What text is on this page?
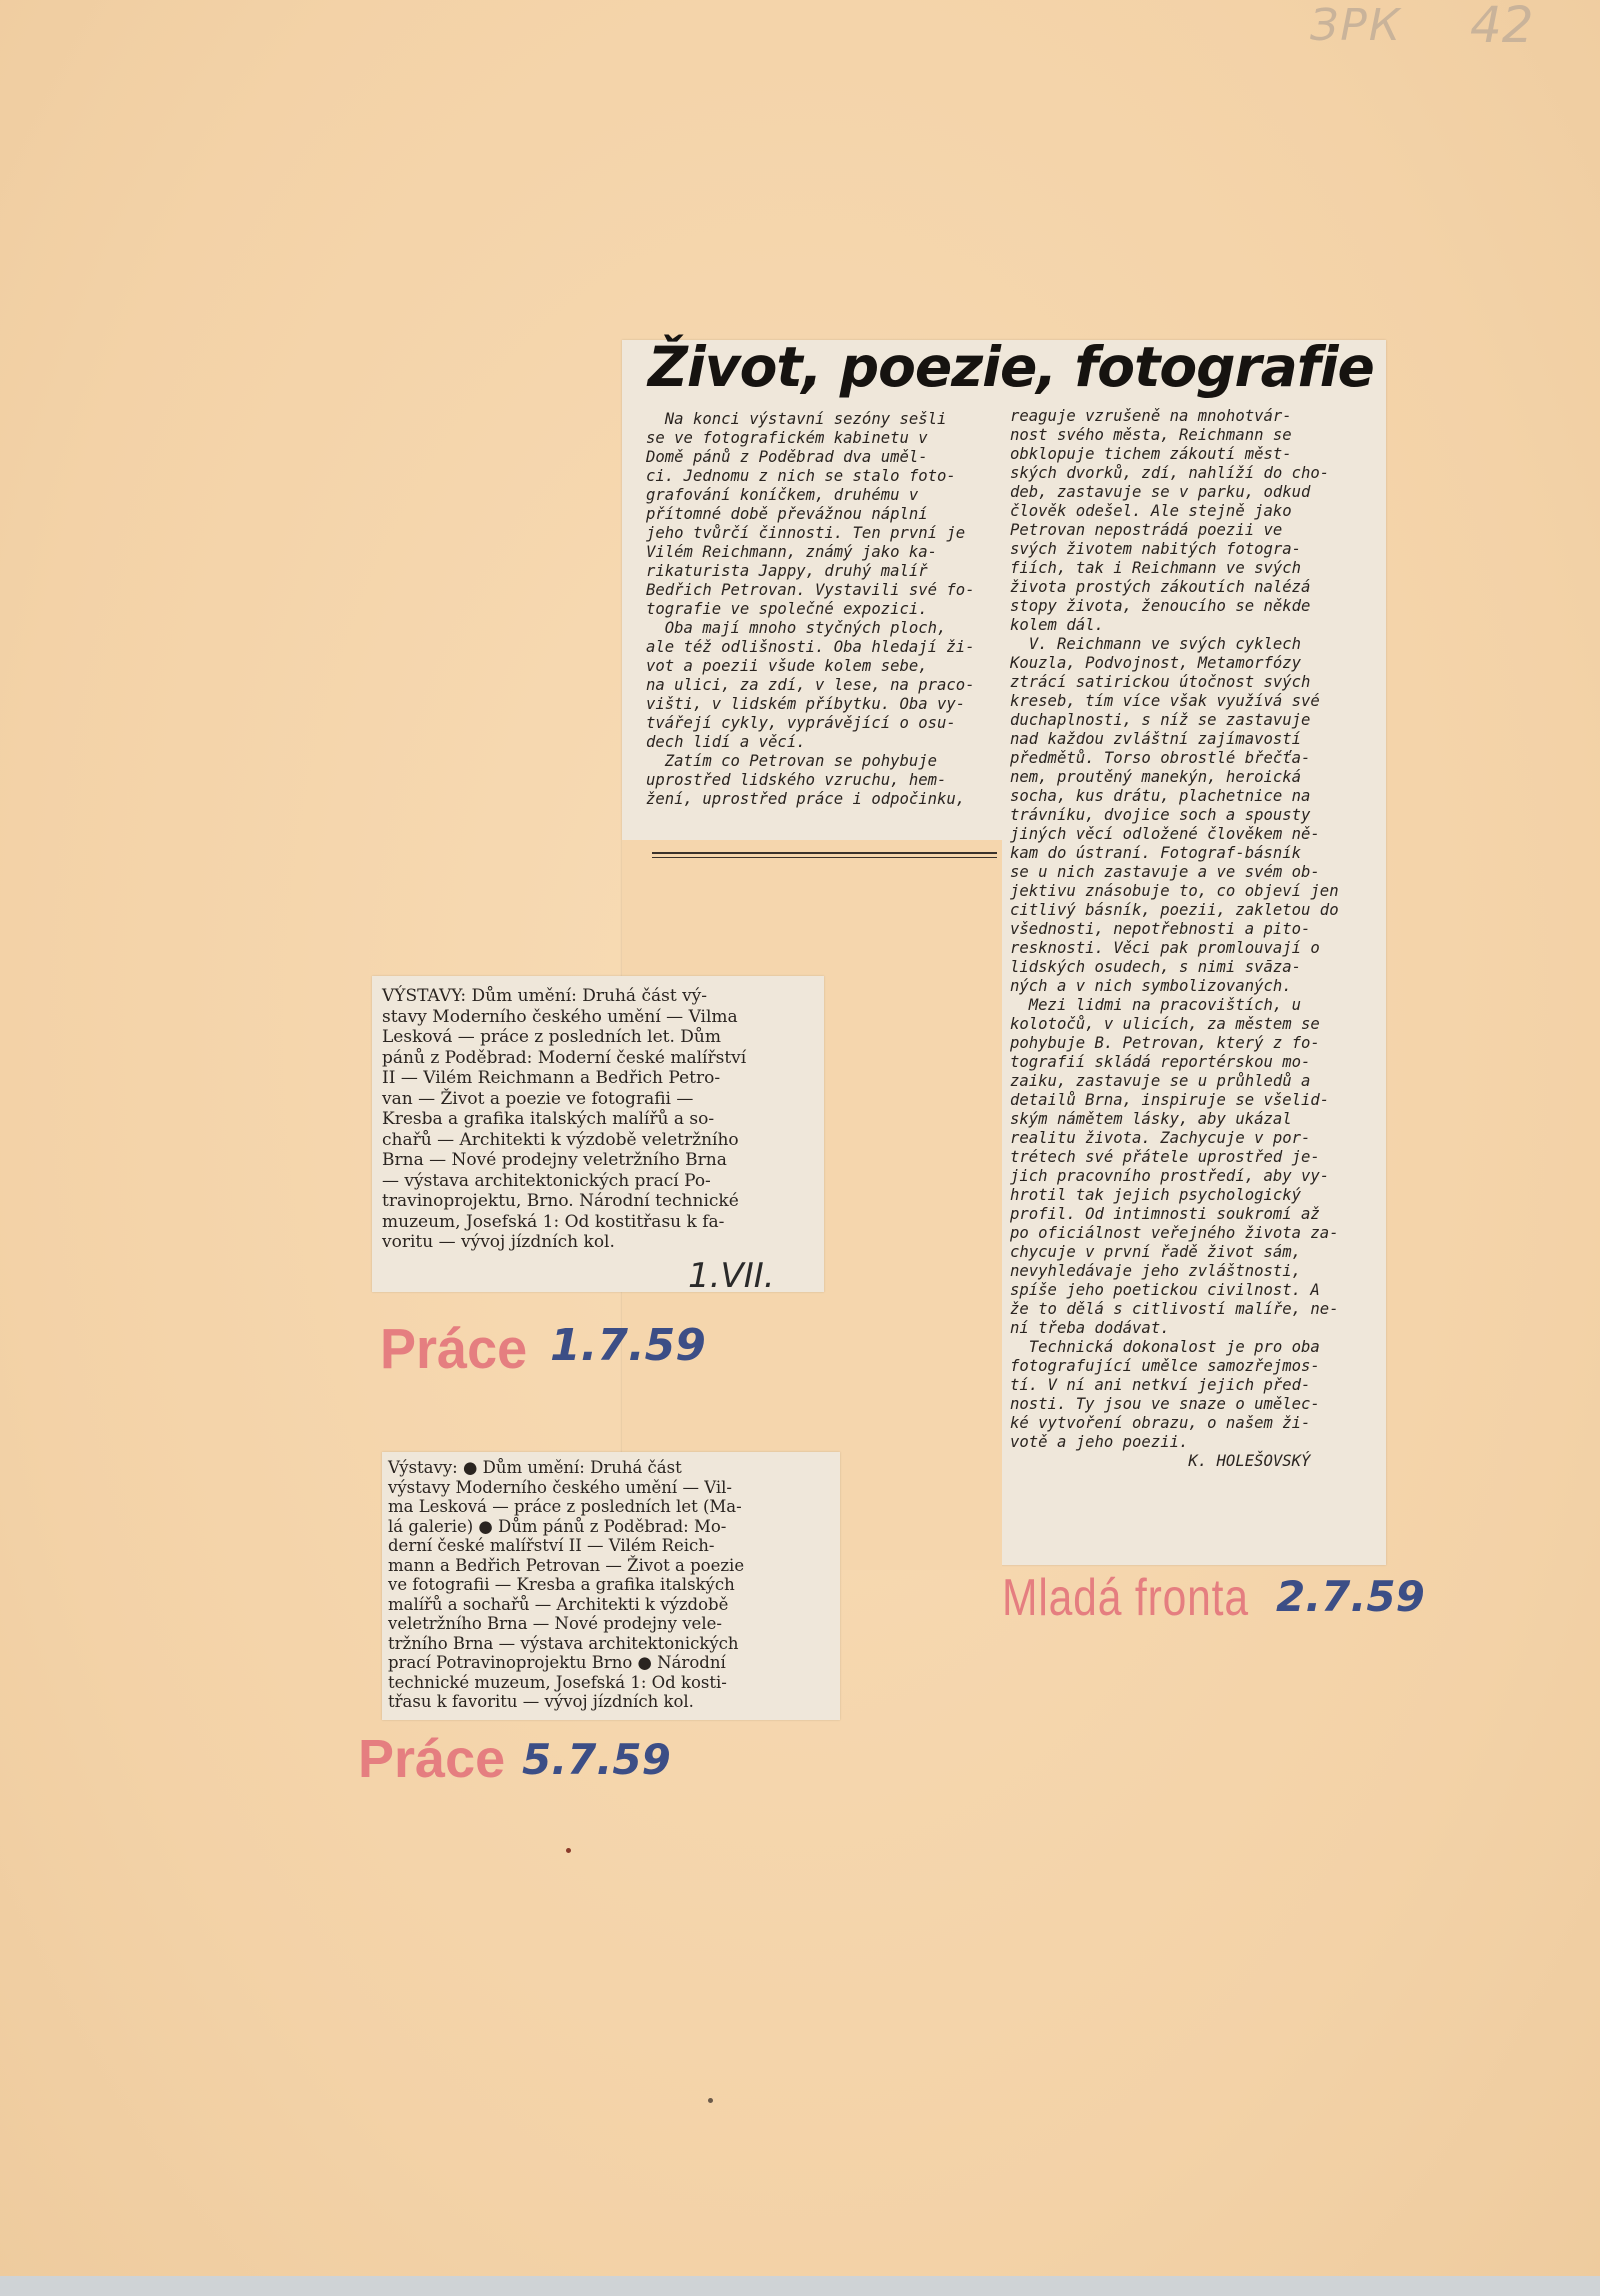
ЗРК 42
Život, poezie, fotografie
Na konci výstavní sezóny sešli
se ve fotografickém kabinetu v
Domě pánů z Poděbrad dva uměl-
ci. Jednomu z nich se stalo foto-
grafování koníčkem, druhému v
přítomné době převážnou náplní
jeho tvůrčí činnosti. Ten první je
Vilém Reichmann, známý jako ka-
rikaturista Jappy, druhý malíř
Bedřich Petrovan. Vystavili své fo-
tografie ve společné expozici.
Oba mají mnoho styčných ploch,
ale též odlišnosti. Oba hledají ži-
vot a poezii všude kolem sebe,
na ulici, za zdí, v lese, na praco-
višti, v lidském příbytku. Oba vy-
tvářejí cykly, vyprávějící o osu-
dech lidí a věcí.
Zatím co Petrovan se pohybuje
uprostřed lidského vzruchu, hem-
žení, uprostřed práce i odpočinku,
reaguje vzrušeně na mnohotvár-
nost svého města, Reichmann se
obklopuje tichem zákoutí měst-
ských dvorků, zdí, nahlíží do cho-
deb, zastavuje se v parku, odkud
člověk odešel. Ale stejně jako
Petrovan nepostrádá poezii ve
svých životem nabitých fotogra-
fiích, tak i Reichmann ve svých
života prostých zákoutích nalézá
stopy života, ženoucího se někde
kolem dál.
V. Reichmann ve svých cyklech
Kouzla, Podvojnost, Metamorfózy
ztrácí satirickou útočnost svých
kreseb, tím více však využívá své
duchaplnosti, s níž se zastavuje
nad každou zvláštní zajímavostí
předmětů. Torso obrostlé břečťa-
nem, proutěný manekýn, heroická
socha, kus drátu, plachetnice na
trávníku, dvojice soch a spousty
jiných věcí odložené člověkem ně-
kam do ústraní. Fotograf-básník
se u nich zastavuje a ve svém ob-
jektivu znásobuje to, co objeví jen
citlivý básník, poezii, zakletou do
všednosti, nepotřebnosti a pito-
resknosti. Věci pak promlouvají o
lidských osudech, s nimi svāza-
ných a v nich symbolizovaných.
Mezi lidmi na pracovištích, u
kolotočů, v ulicích, za městem se
pohybuje B. Petrovan, který z fo-
tografií skládá reportérskou mo-
zaiku, zastavuje se u průhledů a
detailů Brna, inspiruje se všelid-
ským námětem lásky, aby ukázal
realitu života. Zachycuje v por-
trétech své přátele uprostřed je-
jich pracovního prostředí, aby vy-
hrotil tak jejich psychologický
profil. Od intimnosti soukromí až
po oficiálnost veřejného života za-
chycuje v první řadě život sám,
nevyhledávaje jeho zvláštnosti,
spíše jeho poetickou civilnost. A
že to dělá s citlivostí malíře, ne-
ní třeba dodávat.
Technická dokonalost je pro oba
fotografující umělce samozřejmos-
tí. V ní ani netkví jejich před-
nosti. Ty jsou ve snaze o umělec-
ké vytvoření obrazu, o našem ži-
votě a jeho poezii.
K. HOLEŠOVSKÝ
VÝSTAVY: Dům umění: Druhá část vý-
stavy Moderního českého umění — Vilma
Lesková — práce z posledních let. Dům
pánů z Poděbrad: Moderní české malířství
II — Vilém Reichmann a Bedřich Petro-
van — Život a poezie ve fotografii —
Kresba a grafika italských malířů a so-
chařů — Architekti k výzdobě veletržního
Brna — Nové prodejny veletržního Brna
— výstava architektonických prací Po-
travinoprojektu, Brno. Národní technické
muzeum, Josefská 1: Od kostitřasu k fa-
voritu — vývoj jízdních kol.
1.VII.
Práce 1.7.59
Výstavy: ● Dům umění: Druhá část
výstavy Moderního českého umění — Vil-
ma Lesková — práce z posledních let (Ma-
lá galerie) ● Dům pánů z Poděbrad: Mo-
derní české malířství II — Vilém Reich-
mann a Bedřich Petrovan — Život a poezie
ve fotografii — Kresba a grafika italských
malířů a sochařů — Architekti k výzdobě
veletržního Brna — Nové prodejny vele-
tržního Brna — výstava architektonických
prací Potravinoprojektu Brno ● Národní
technické muzeum, Josefská 1: Od kosti-
třasu k favoritu — vývoj jízdních kol.
Práce 5.7.59
Mladá fronta 2.7.59
